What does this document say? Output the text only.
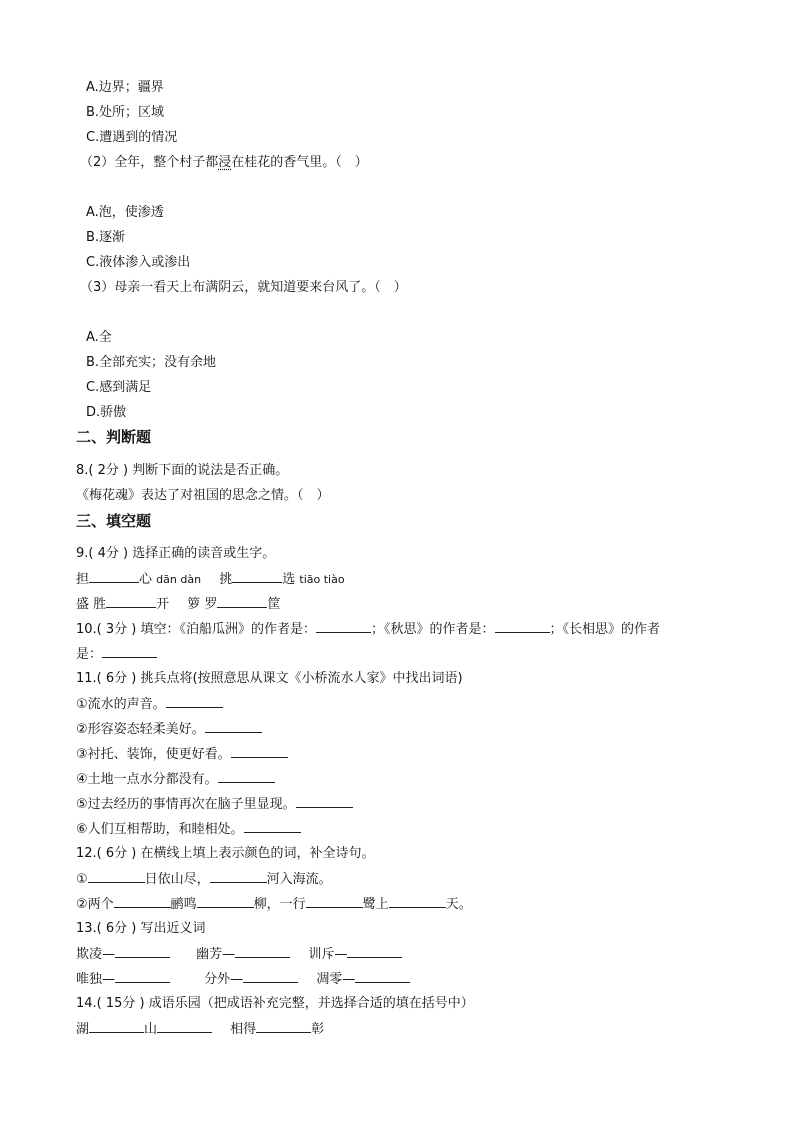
A.边界；疆界
B.处所；区域
C.遭遇到的情况
（2）全年，整个村子都浸在桂花的香气里。（　）
A.泡，使渗透
B.逐渐
C.液体渗入或渗出
（3）母亲一看天上布满阴云，就知道要来台风了。（　）
A.全
B.全部充实；没有余地
C.感到满足
D.骄傲
二、判断题
8.( 2分 ) 判断下面的说法是否正确。
《梅花魂》表达了对祖国的思念之情。（　）
三、填空题
9.( 4分 ) 选择正确的读音或生字。
担	心 dān dàn 挑	选 tiāo tiào
盛 胜	开 箩 罗	筐
10.( 3分 ) 填空：《泊船瓜洲》的作者是：	；《秋思》的作者是：	；《长相思》的作者
是：
11.( 6分 ) 挑兵点将(按照意思从课文《小桥流水人家》中找出词语)
①流水的声音。
②形容姿态轻柔美好。
③衬托、装饰，使更好看。
④土地一点水分都没有。
⑤过去经历的事情再次在脑子里显现。
⑥人们互相帮助，和睦相处。
12.( 6分 ) 在横线上填上表示颜色的词，补全诗句。
①	日依山尽，	河入海流。
②两个	鹂鸣	柳，一行	鹭上	天。
13.( 6分 ) 写出近义词
欺凌—	幽芳—	训斥—
唯独—	分外—	凋零—
14.( 15分 ) 成语乐园（把成语补充完整，并选择合适的填在括号中）
湖	山	相得	彰
